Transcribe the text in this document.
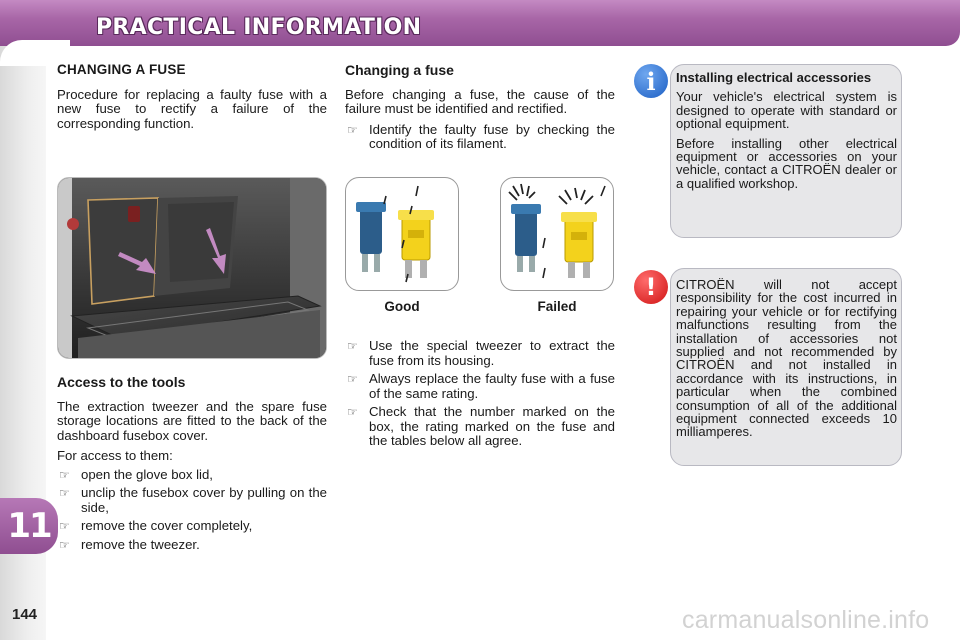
PRACTICAL INFORMATION
11
144
CHANGING A FUSE

Procedure for replacing a faulty fuse with a new fuse to rectify a failure of the corresponding function.

Access to the tools

The extraction tweezer and the spare fuse storage locations are fitted to the back of the dashboard fusebox cover.

For access to them:

☞ open the glove box lid,
☞ unclip the fusebox cover by pulling on the side,
☞ remove the cover completely,
☞ remove the tweezer.
Changing a fuse

Before changing a fuse, the cause of the failure must be identified and rectified.

☞ Identify the faulty fuse by checking the condition of its filament.
Good	Failed
☞ Use the special tweezer to extract the fuse from its housing.
☞ Always replace the faulty fuse with a fuse of the same rating.
☞ Check that the number marked on the box, the rating marked on the fuse and the tables below all agree.
i	Installing electrical accessories

Your vehicle's electrical system is designed to operate with standard or optional equipment.

Before installing other electrical equipment or accessories on your vehicle, contact a CITROËN dealer or a qualified workshop.

!	CITROËN will not accept responsibility for the cost incurred in repairing your vehicle or for rectifying malfunctions resulting from the installation of accessories not supplied and not recommended by CITROËN and not installed in accordance with its instructions, in particular when the combined consumption of all of the additional equipment connected exceeds 10 milliamperes.

carmanualsonline.info
